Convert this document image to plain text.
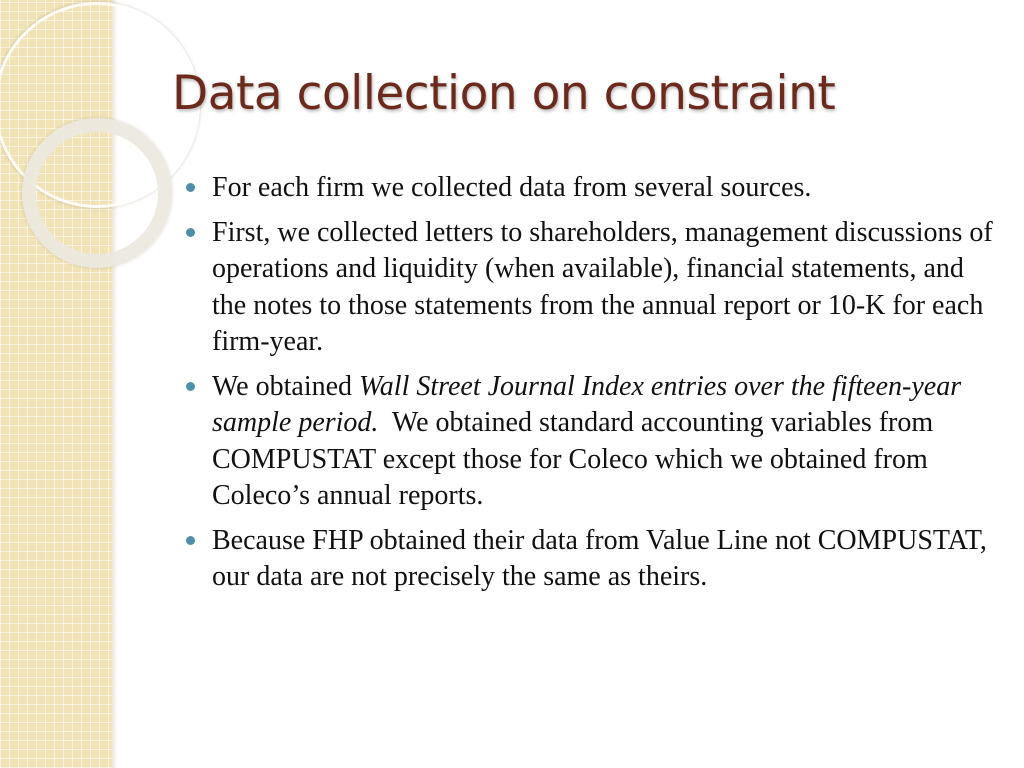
Data collection on constraint
For each firm we collected data from several sources.
First, we collected letters to shareholders, management discussions of operations and liquidity (when available), financial statements, and the notes to those statements from the annual report or 10-K for each firm-year.
We obtained Wall Street Journal Index entries over the fifteen-year sample period.  We obtained standard accounting variables from COMPUSTAT except those for Coleco which we obtained from Coleco’s annual reports.
Because FHP obtained their data from Value Line not COMPUSTAT, our data are not precisely the same as theirs.
